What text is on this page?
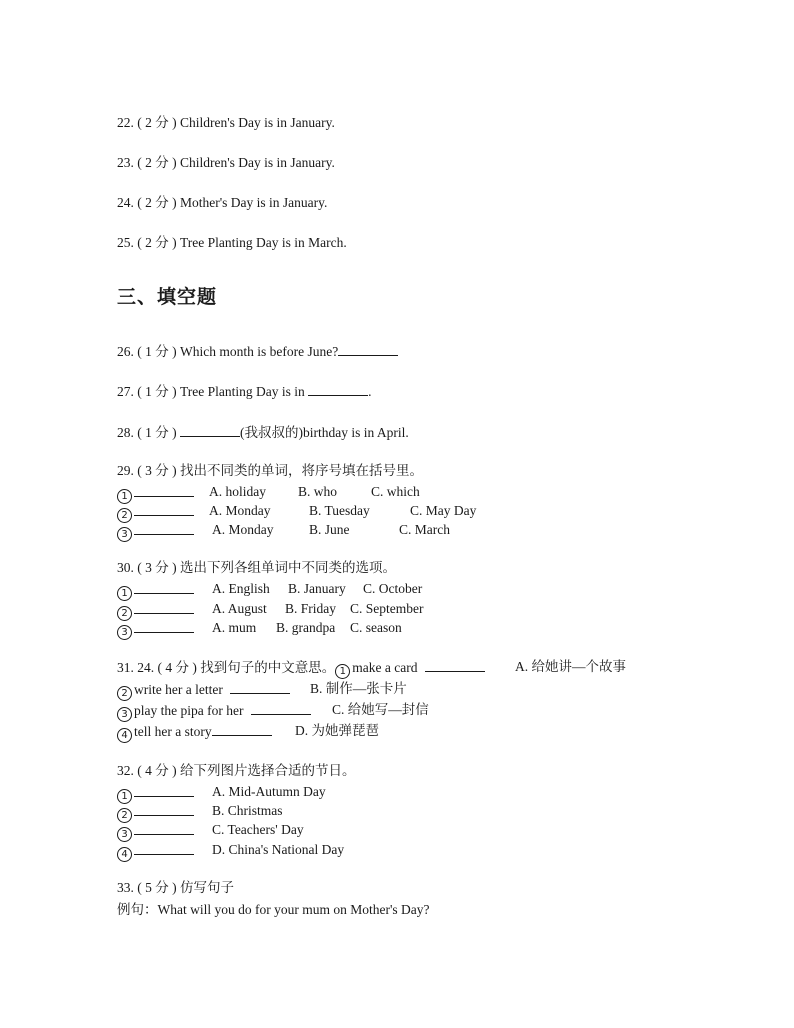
22. ( 2 分 ) Children's Day is in January.
23. ( 2 分 ) Children's Day is in January.
24. ( 2 分 ) Mother's Day is in January.
25. ( 2 分 ) Tree Planting Day is in March.
三、填空题
26. ( 1 分 ) Which month is before June?
27. ( 1 分 ) Tree Planting Day is in	.
28. ( 1 分 )	(我叔叔的)birthday is in April.
29. ( 3 分 ) 找出不同类的单词，将序号填在括号里。
1	A. holiday B. who	C. which
2	A. Monday	B. Tuesday	C. May Day
3	A. Monday	B. June	C. March
30. ( 3 分 ) 选出下列各组单词中不同类的选项。
1	A. English B. January C. October
2	A. August B. Friday C. September
3	A. mum B. grandpa C. season
31. 24. ( 4 分 ) 找到句子的中文意思。 1 make a card	A. 给她讲—个故事
2 write her a letter	B. 制作—张卡片
3 play the pipa for her	C. 给她写—封信
4 tell her a story	D. 为她弹琵琶
32. ( 4 分 ) 给下列图片选择合适的节日。
1	A. Mid-Autumn Day
2	B. Christmas
3	C. Teachers' Day
4	D. China's National Day
33. ( 5 分 ) 仿写句子
例句：What will you do for your mum on Mother's Day?
